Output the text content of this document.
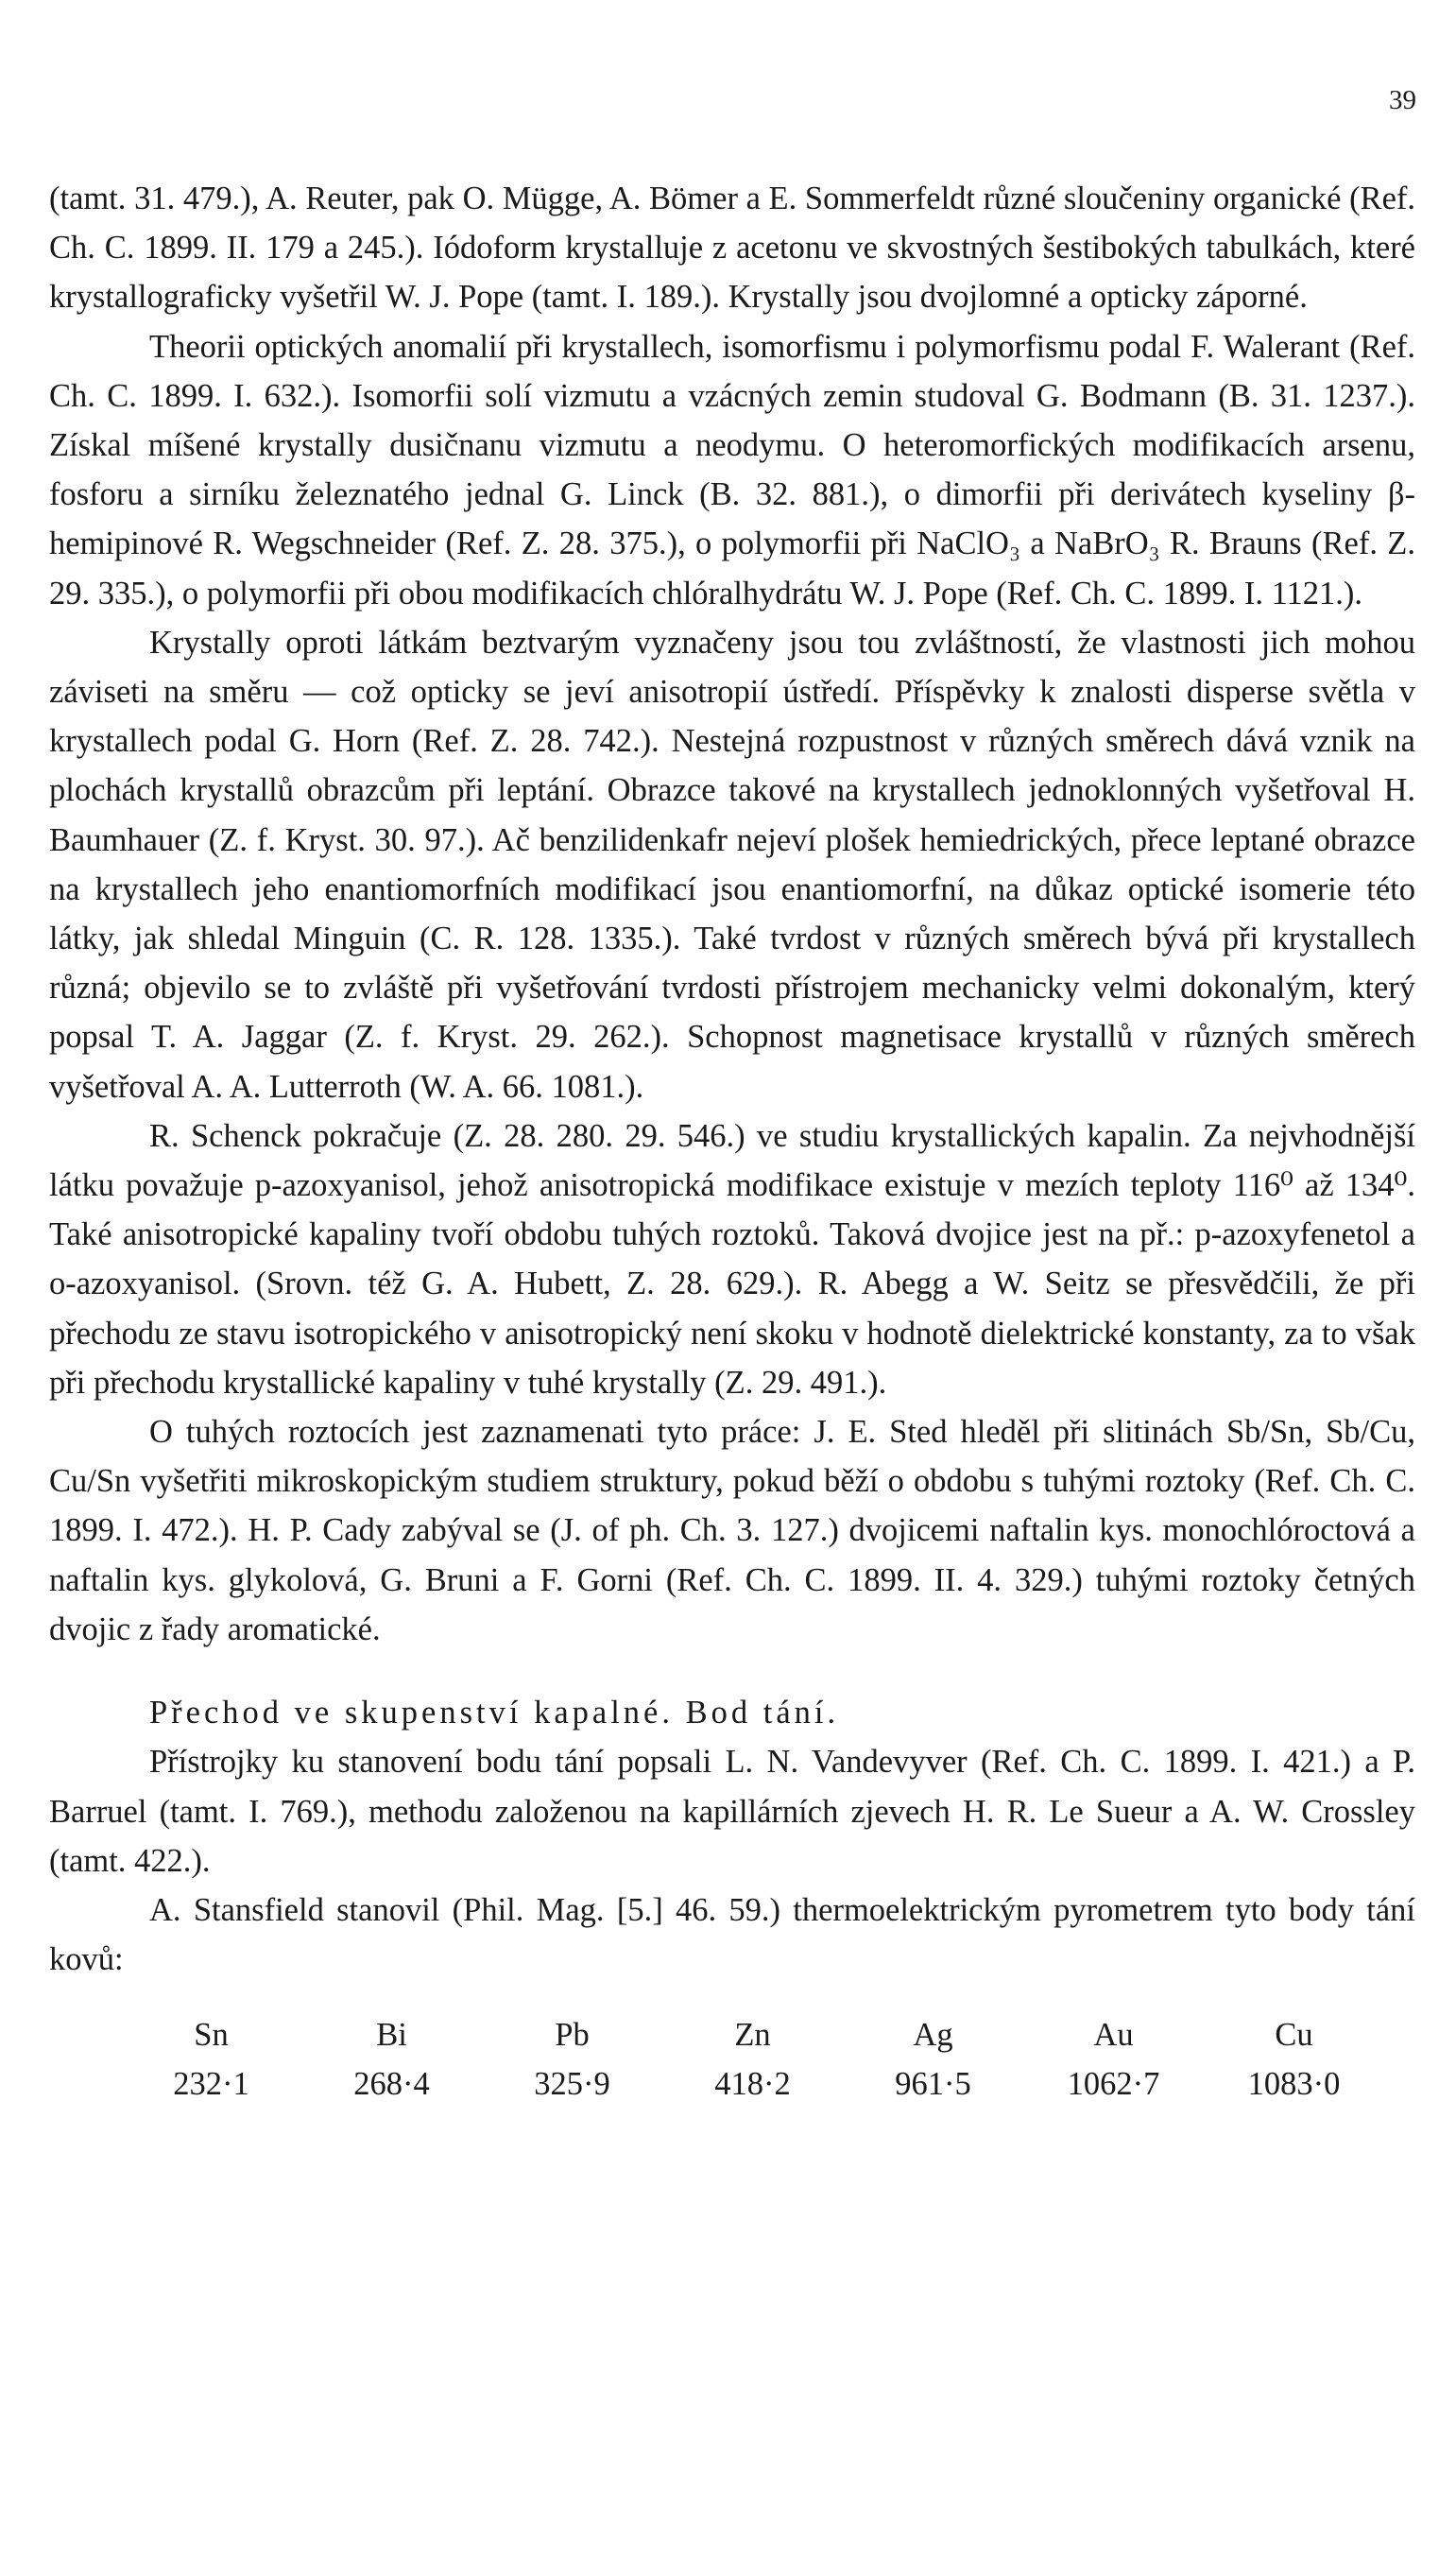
39

(tamt. 31. 479.), A. Reuter, pak O. Mügge, A. Bömer a E. Sommerfeldt různé sloučeniny organické (Ref. Ch. C. 1899. II. 179 a 245.). Iódoform krystalluje z acetonu ve skvostných šestibokých tabulkách, které krystallograficky vyšetřil W. J. Pope (tamt. I. 189.). Krystally jsou dvojlomné a opticky záporné.

Theorii optických anomalií při krystallech, isomorfismu i polymorfismu podal F. Walerant (Ref. Ch. C. 1899. I. 632.). Isomorfii solí vizmutu a vzácných zemin studoval G. Bodmann (B. 31. 1237.). Získal míšené krystally dusičnanu vizmutu a neodymu. O heteromorfických modifikacích arsenu, fosforu a sirníku železnatého jednal G. Linck (B. 32. 881.), o dimorfii při derivátech kyseliny β-hemipinové R. Wegschneider (Ref. Z. 28. 375.), o polymorfii při NaClO₃ a NaBrO₃ R. Brauns (Ref. Z. 29. 335.), o polymorfii při obou modifikacích chlóralhydrátu W. J. Pope (Ref. Ch. C. 1899. I. 1121.).

Krystally oproti látkám beztvarým vyznačeny jsou tou zvláštností, že vlastnosti jich mohou záviseti na směru — což opticky se jeví anisotropií ústředí. Příspěvky k znalosti disperse světla v krystallech podal G. Horn (Ref. Z. 28. 742.). Nestejná rozpustnost v různých směrech dává vznik na plochách krystallů obrazcům při leptání. Obrazce takové na krystallech jednoklonných vyšetřoval H. Baumhauer (Z. f. Kryst. 30. 97.). Ač benzilidenkafr nejeví plošek hemiedrických, přece leptané obrazce na krystallech jeho enantiomorfních modifikací jsou enantiomorfní, na důkaz optické isomerie této látky, jak shledal Minguin (C. R. 128. 1335.). Také tvrdost v různých směrech bývá při krystallech různá; objevilo se to zvláště při vyšetřování tvrdosti přístrojem mechanicky velmi dokonalým, který popsal T. A. Jaggar (Z. f. Kryst. 29. 262.). Schopnost magnetisace krystallů v různých směrech vyšetřoval A. A. Lutterroth (W. A. 66. 1081.).

R. Schenck pokračuje (Z. 28. 280. 29. 546.) ve studiu krystallických kapalin. Za nejvhodnější látku považuje p-azoxyanisol, jehož anisotropická modifikace existuje v mezích teploty 116⁰ až 134⁰. Také anisotropické kapaliny tvoří obdobu tuhých roztoků. Taková dvojice jest na př.: p-azoxyfenetol a o-azoxyanisol. (Srovn. též G. A. Hubett, Z. 28. 629.). R. Abegg a W. Seitz se přesvědčili, že při přechodu ze stavu isotropického v anisotropický není skoku v hodnotě dielektrické konstanty, za to však při přechodu krystallické kapaliny v tuhé krystally (Z. 29. 491.).

O tuhých roztocích jest zaznamenati tyto práce: J. E. Sted hleděl při slitinách Sb/Sn, Sb/Cu, Cu/Sn vyšetřiti mikroskopickým studiem struktury, pokud běží o obdobu s tuhými roztoky (Ref. Ch. C. 1899. I. 472.). H. P. Cady zabýval se (J. of ph. Ch. 3. 127.) dvojicemi naftalin kys. monochlóroctová a naftalin kys. glykolová, G. Bruni a F. Gorni (Ref. Ch. C. 1899. II. 4. 329.) tuhými roztoky četných dvojic z řady aromatické.

Přechod ve skupenství kapalné. Bod tání.

Přístrojky ku stanovení bodu tání popsali L. N. Vandevyver (Ref. Ch. C. 1899. I. 421.) a P. Barruel (tamt. I. 769.), methodu založenou na kapillárních zjevech H. R. Le Sueur a A. W. Crossley (tamt. 422.).

A. Stansfield stanovil (Phil. Mag. [5.] 46. 59.) thermoelektrickým pyrometrem tyto body tání kovů:

Sn	Bi	Pb	Zn	Ag	Au	Cu
232·1	268·4	325·9	418·2	961·5	1062·7	1083·0
